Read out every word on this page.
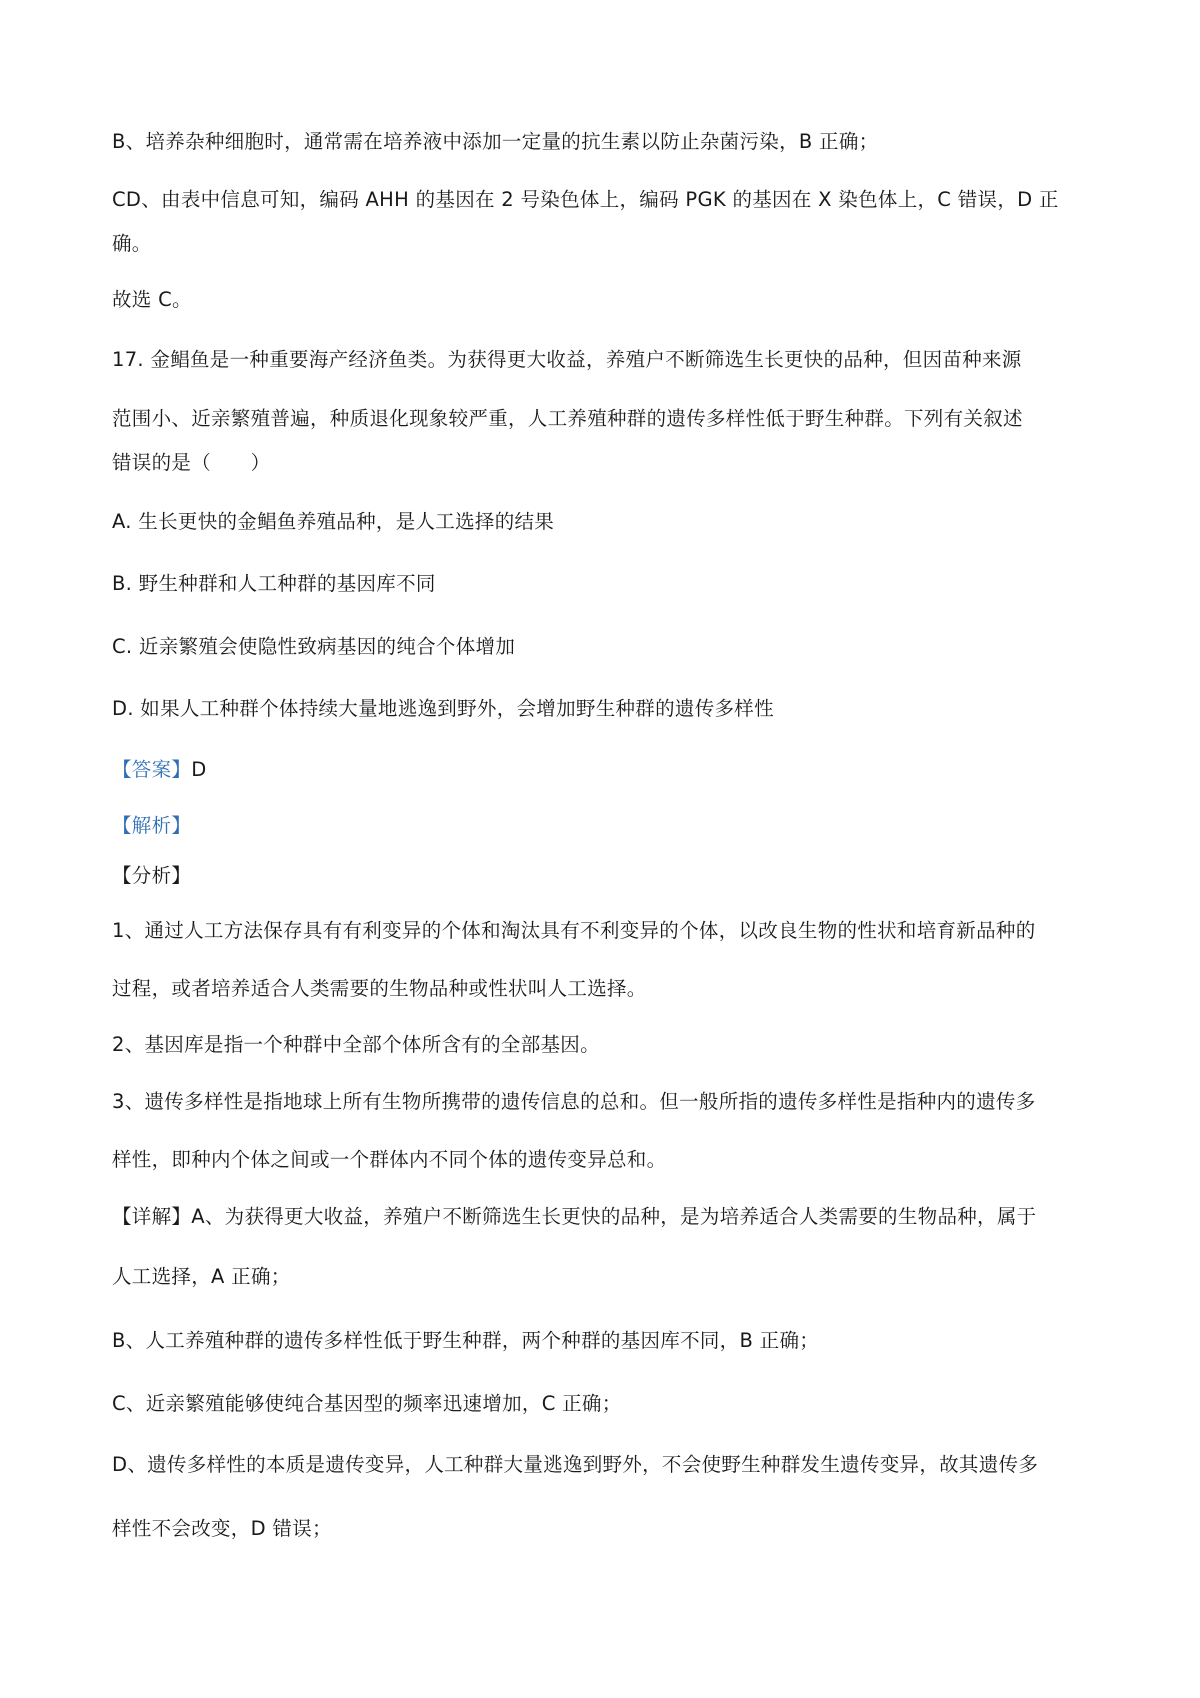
B、培养杂种细胞时，通常需在培养液中添加一定量的抗生素以防止杂菌污染，B 正确；
CD、由表中信息可知，编码 AHH 的基因在 2 号染色体上，编码 PGK 的基因在 X 染色体上，C 错误，D 正
确。
故选 C。
17. 金鲳鱼是一种重要海产经济鱼类。为获得更大收益，养殖户不断筛选生长更快的品种，但因苗种来源
范围小、近亲繁殖普遍，种质退化现象较严重，人工养殖种群的遗传多样性低于野生种群。下列有关叙述
错误的是（　　）
A. 生长更快的金鲳鱼养殖品种，是人工选择的结果
B. 野生种群和人工种群的基因库不同
C. 近亲繁殖会使隐性致病基因的纯合个体增加
D. 如果人工种群个体持续大量地逃逸到野外，会增加野生种群的遗传多样性
【答案】D
【解析】
【分析】
1、通过人工方法保存具有有利变异的个体和淘汰具有不利变异的个体，以改良生物的性状和培育新品种的
过程，或者培养适合人类需要的生物品种或性状叫人工选择。
2、基因库是指一个种群中全部个体所含有的全部基因。
3、遗传多样性是指地球上所有生物所携带的遗传信息的总和。但一般所指的遗传多样性是指种内的遗传多
样性，即种内个体之间或一个群体内不同个体的遗传变异总和。
【详解】A、为获得更大收益，养殖户不断筛选生长更快的品种，是为培养适合人类需要的生物品种，属于
人工选择，A 正确；
B、人工养殖种群的遗传多样性低于野生种群，两个种群的基因库不同，B 正确；
C、近亲繁殖能够使纯合基因型的频率迅速增加，C 正确；
D、遗传多样性的本质是遗传变异，人工种群大量逃逸到野外，不会使野生种群发生遗传变异，故其遗传多
样性不会改变，D 错误；
